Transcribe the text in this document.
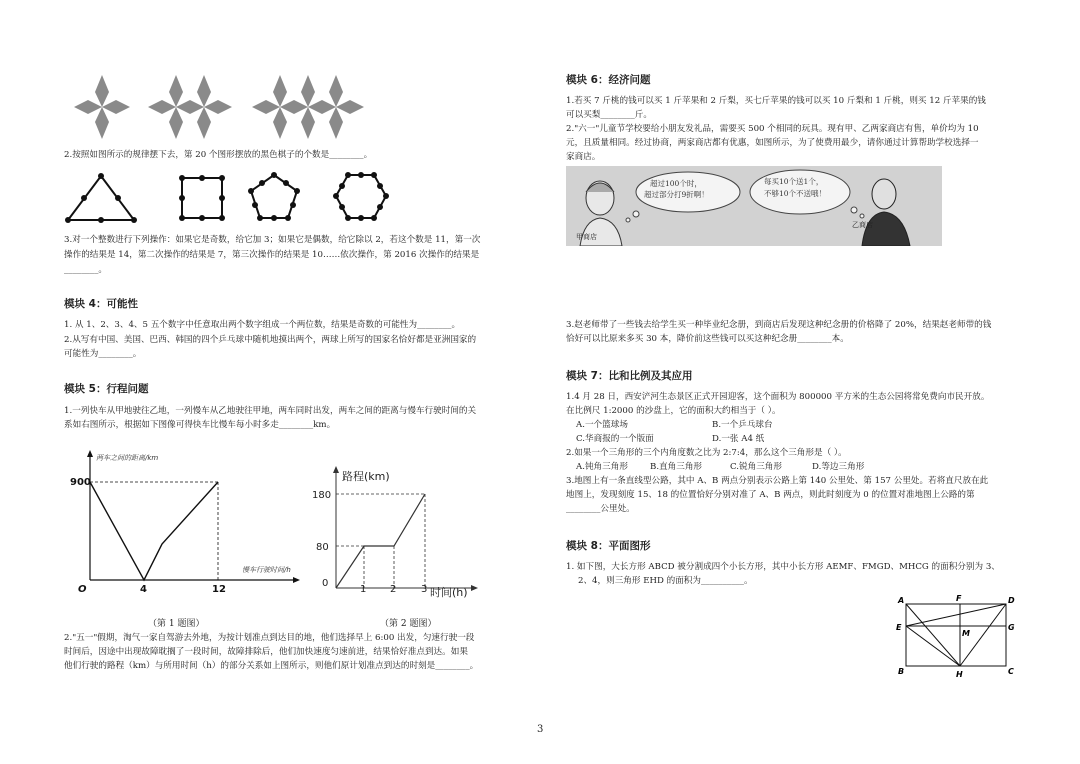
2.按照如图所示的规律摆下去，第 20 个图形摆放的黑色棋子的个数是________。
3.对一个整数进行下列操作：如果它是奇数，给它加 3；如果它是偶数，给它除以 2，若这个数是 11，第一次
操作的结果是 14，第二次操作的结果是 7，第三次操作的结果是 10……依次操作，第 2016 次操作的结果是
________。
模块 4：可能性
1. 从 1、2、3、4、5 五个数字中任意取出两个数字组成一个两位数，结果是奇数的可能性为________。
2.从写有中国、美国、巴西、韩国的四个乒乓球中随机地摸出两个，两球上所写的国家名恰好都是亚洲国家的
可能性为________。
模块 5：行程问题
1.一列快车从甲地驶往乙地，一列慢车从乙地驶往甲地，两车同时出发，两车之间的距离与慢车行驶时间的关
系如右图所示，根据如下图像可得快车比慢车每小时多走________km。
两车之间的距离/km
慢车行驶时间/h
900
O	4	12
路程(km)
时间(h)
180
80
0
1 2 3
（第 1 题图）	（第 2 题图）
2."五一"假期，淘气一家自驾游去外地，为按计划准点到达目的地，他们选择早上 6:00 出发，匀速行驶一段
时间后，因途中出现故障耽搁了一段时间，故障排除后，他们加快速度匀速前进，结果恰好准点到达。如果
他们行驶的路程（km）与所用时间（h）的部分关系如上图所示，则他们原计划准点到达的时刻是________。
模块 6：经济问题
1.若买 7 斤桃的钱可以买 1 斤苹果和 2 斤梨，买七斤苹果的钱可以买 10 斤梨和 1 斤桃，则买 12 斤苹果的钱
可以买梨________斤。
2."六一"儿童节学校要给小朋友发礼品，需要买 500 个相同的玩具。现有甲、乙两家商店有售，单价均为 10
元，且质量相同。经过协商，两家商店都有优惠，如图所示，为了使费用最少，请你通过计算帮助学校选择一
家商店。
超过100个时，
超过部分打9折啊！
每买10个送1个，
不够10个不送哦！
甲商店
乙商店
3.赵老师带了一些钱去给学生买一种毕业纪念册，到商店后发现这种纪念册的价格降了 20%，结果赵老师带的钱
恰好可以比原来多买 30 本，降价前这些钱可以买这种纪念册________本。
模块 7：比和比例及其应用
1.4 月 28 日，西安浐河生态景区正式开园迎客，这个面积为 800000 平方米的生态公园将常免费向市民开放。
在比例尺 1:2000 的沙盘上，它的面积大约相当于（ ）。
A.一个篮球场	B.一个乒乓球台
C.华商报的一个版面	D.一张 A4 纸
2.如果一个三角形的三个内角度数之比为 2:7:4，那么这个三角形是（ ）。
A.钝角三角形	B.直角三角形	C.锐角三角形	D.等边三角形
3.地图上有一条直线型公路，其中 A、B 两点分别表示公路上第 140 公里处、第 157 公里处。若将直尺放在此
地图上，发现刻度 15、18 的位置恰好分别对准了 A、B 两点，则此时刻度为 0 的位置对准地图上公路的第
________公里处。
模块 8：平面图形
1. 如下图，大长方形 ABCD 被分割成四个小长方形，其中小长方形 AEMF、FMGD、MHCG 的面积分别为 3、
2、4，则三角形 EHD 的面积为__________。
A	F	D
E
M
G
B	H	C
3
